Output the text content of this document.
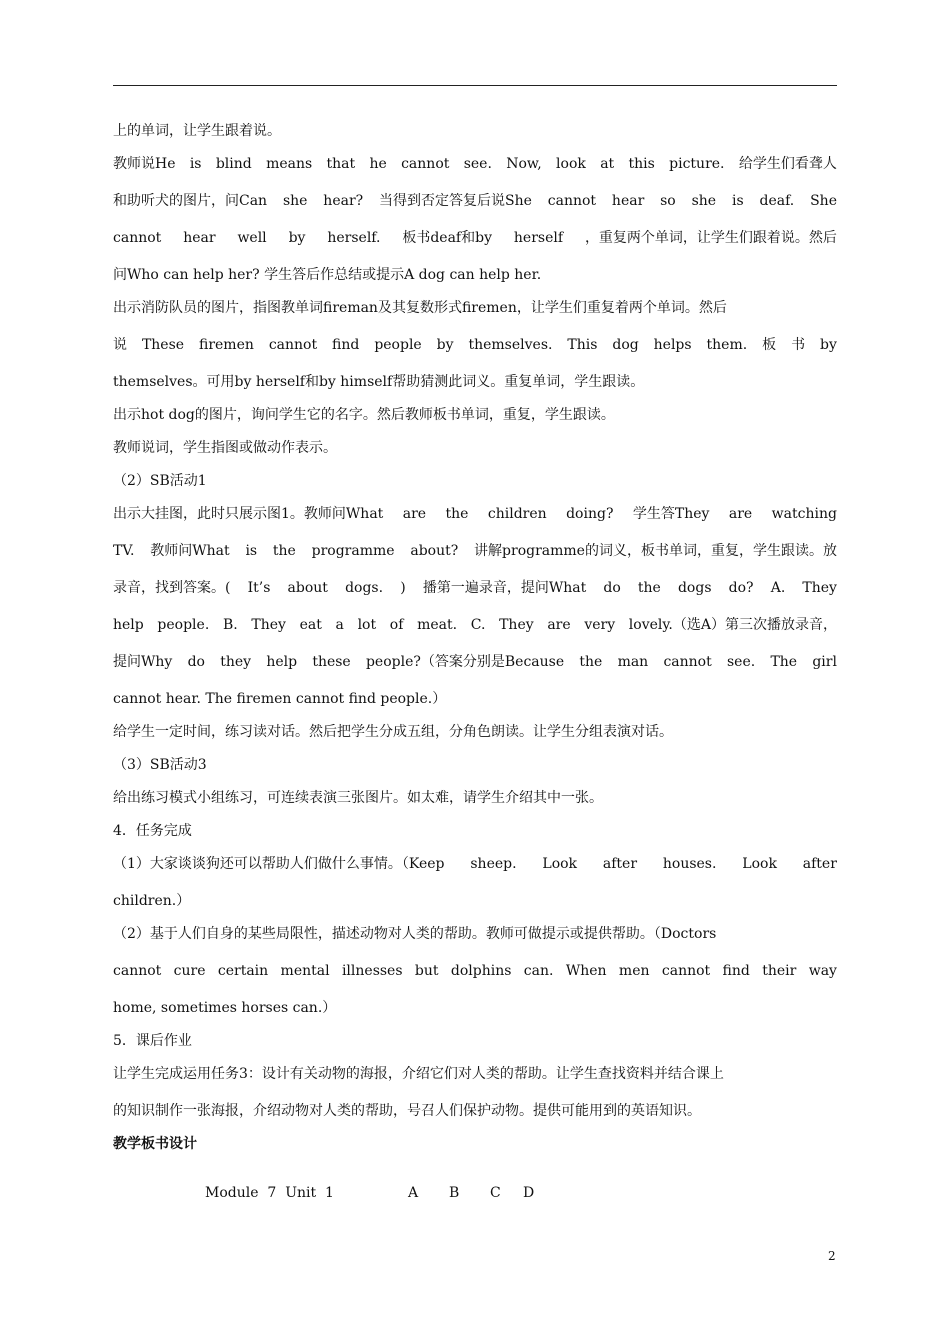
上的单词，让学生跟着说。
教师说He is blind means that he cannot see. Now, look at this picture. 给学生们看聋人
和助听犬的图片，问Can she hear? 当得到否定答复后说She cannot hear so she is deaf. She
cannot hear well by herself. 板书deaf和by herself ，重复两个单词，让学生们跟着说。然后
问Who can help her? 学生答后作总结或提示A dog can help her.
出示消防队员的图片，指图教单词fireman及其复数形式firemen，让学生们重复着两个单词。然后
说 These firemen cannot find people by themselves. This dog helps them. 板 书 by
themselves。可用by herself和by himself帮助猜测此词义。重复单词，学生跟读。
出示hot dog的图片，询问学生它的名字。然后教师板书单词，重复，学生跟读。
教师说词，学生指图或做动作表示。
（2）SB活动1
出示大挂图，此时只展示图1。教师问What are the children doing? 学生答They are watching
TV. 教师问What is the programme about? 讲解programme的词义，板书单词，重复，学生跟读。放
录音，找到答案。( It’s about dogs. ) 播第一遍录音，提问What do the dogs do? A. They
help people. B. They eat a lot of meat. C. They are very lovely.（选A）第三次播放录音，
提问Why do they help these people?（答案分别是Because the man cannot see. The girl
cannot hear. The firemen cannot find people.）
给学生一定时间，练习读对话。然后把学生分成五组，分角色朗读。让学生分组表演对话。
（3）SB活动3
给出练习模式小组练习，可连续表演三张图片。如太难，请学生介绍其中一张。
4．任务完成
（1）大家谈谈狗还可以帮助人们做什么事情。（Keep sheep. Look after houses. Look after
children.）
（2）基于人们自身的某些局限性，描述动物对人类的帮助。教师可做提示或提供帮助。（Doctors
cannot cure certain mental illnesses but dolphins can. When men cannot find their way
home, sometimes horses can.）
5．课后作业
让学生完成运用任务3：设计有关动物的海报，介绍它们对人类的帮助。让学生查找资料并结合课上
的知识制作一张海报，介绍动物对人类的帮助，号召人们保护动物。提供可能用到的英语知识。
教学板书设计
Module  7  Unit  1	A	B	C	D
2
